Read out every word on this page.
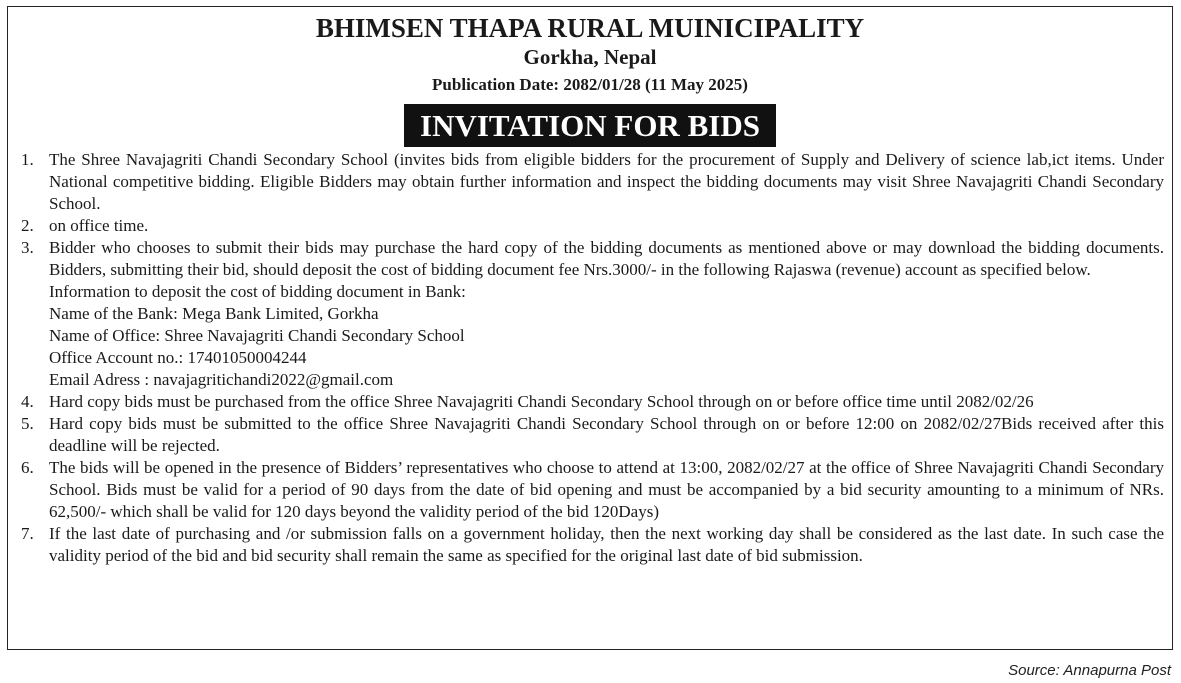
BHIMSEN THAPA RURAL MUINICIPALITY
Gorkha, Nepal
Publication Date: 2082/01/28 (11 May 2025)
INVITATION FOR BIDS
1. The Shree Navajagriti Chandi Secondary School (invites bids from eligible bidders for the procurement of Supply and Delivery of science lab,ict items. Under National competitive bidding. Eligible Bidders may obtain further information and inspect the bidding documents may visit Shree Navajagriti Chandi Secondary School.
2. on office time.
3. Bidder who chooses to submit their bids may purchase the hard copy of the bidding documents as mentioned above or may download the bidding documents. Bidders, submitting their bid, should deposit the cost of bidding document fee Nrs.3000/- in the following Rajaswa (revenue) account as specified below.
Information to deposit the cost of bidding document in Bank:
Name of the Bank: Mega Bank Limited, Gorkha
Name of Office: Shree Navajagriti Chandi Secondary School
Office Account no.: 17401050004244
Email Adress : navajagritichandi2022@gmail.com
4. Hard copy bids must be purchased from the office Shree Navajagriti Chandi Secondary School through on or before office time until 2082/02/26
5. Hard copy bids must be submitted to the office Shree Navajagriti Chandi Secondary School through on or before 12:00 on 2082/02/27Bids received after this deadline will be rejected.
6. The bids will be opened in the presence of Bidders’ representatives who choose to attend at 13:00, 2082/02/27 at the office of Shree Navajagriti Chandi Secondary School. Bids must be valid for a period of 90 days from the date of bid opening and must be accompanied by a bid security amounting to a minimum of NRs. 62,500/- which shall be valid for 120 days beyond the validity period of the bid 120Days)
7. If the last date of purchasing and /or submission falls on a government holiday, then the next working day shall be considered as the last date. In such case the validity period of the bid and bid security shall remain the same as specified for the original last date of bid submission.
Source: Annapurna Post
